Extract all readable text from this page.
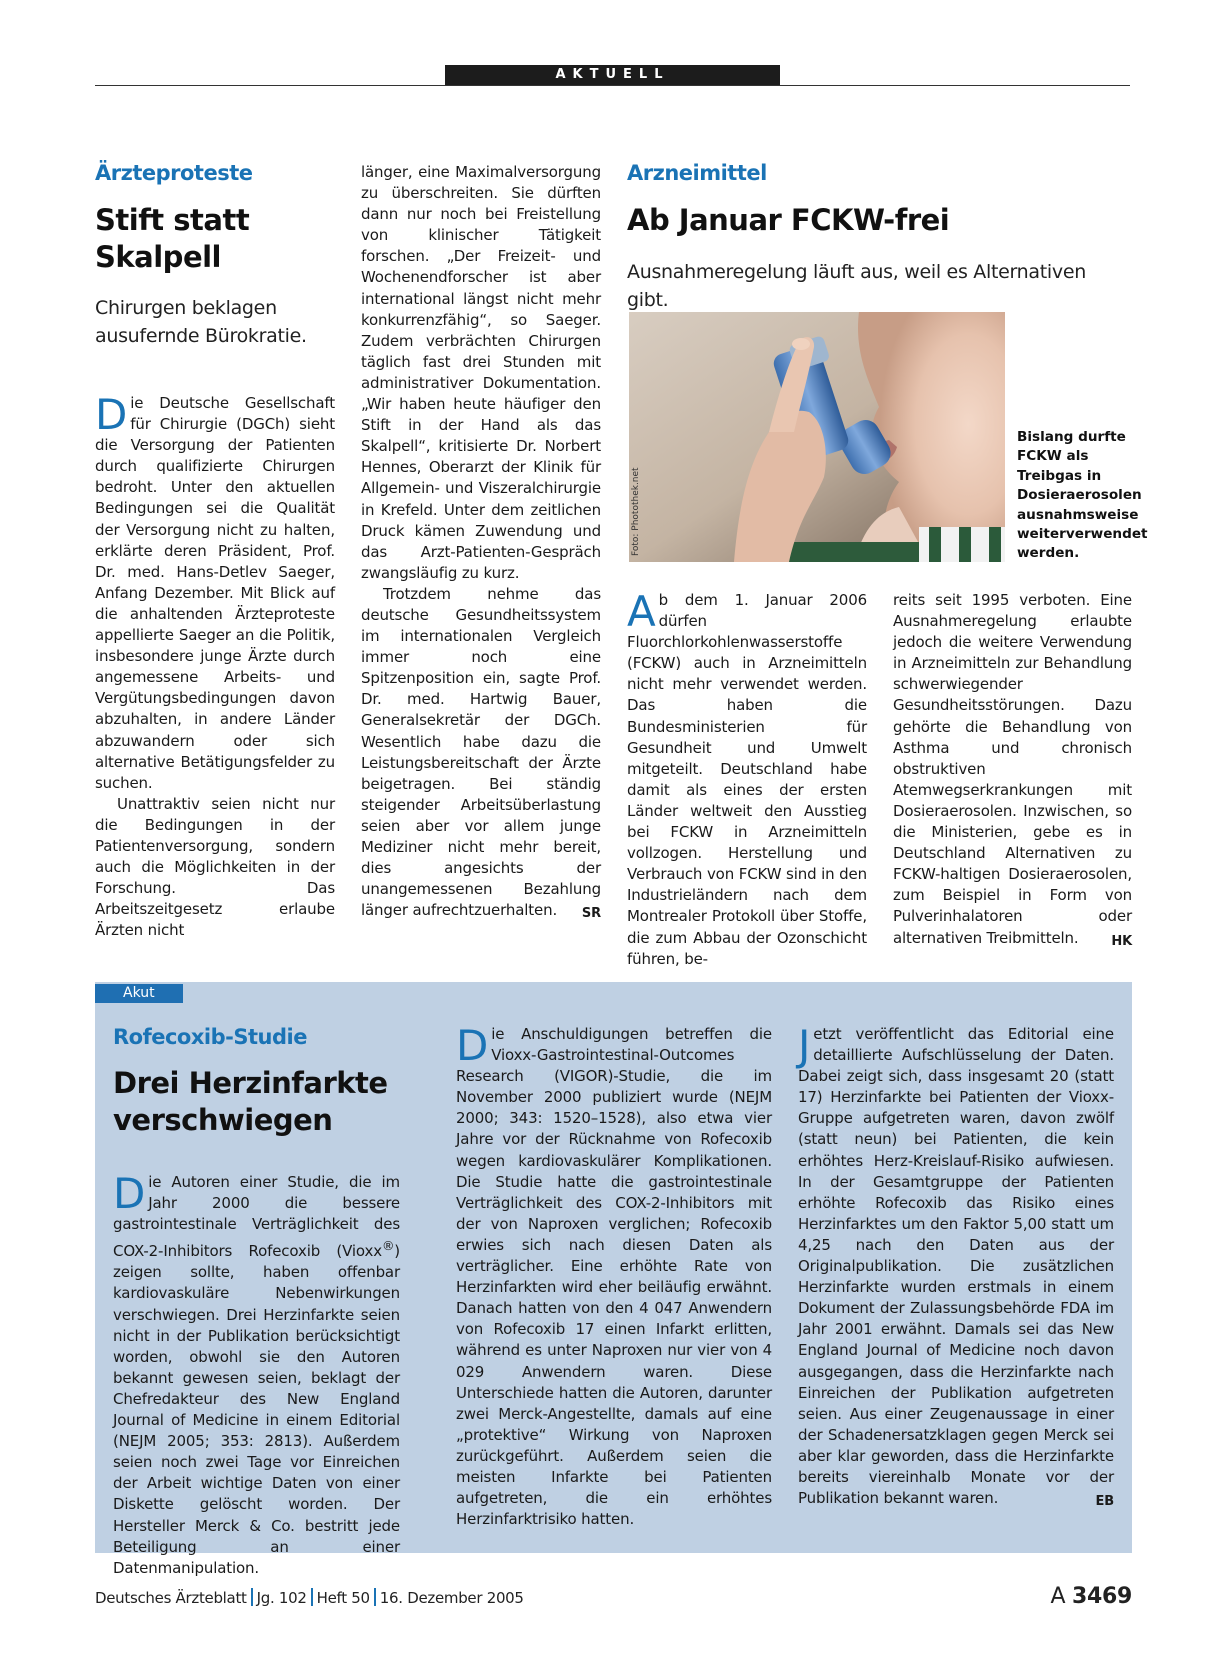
AKTUELL
Ärzteproteste
Stift statt
Skalpell
Chirurgen beklagen
ausufernde Bürokratie.

Die Deutsche Gesellschaft für Chirurgie (DGCh) sieht die Versorgung der Patienten durch qualifizierte Chirurgen bedroht. Unter den aktuellen Bedingungen sei die Qualität der Versorgung nicht zu halten, erklärte deren Präsident, Prof. Dr. med. Hans-Detlev Saeger, Anfang Dezember. Mit Blick auf die anhaltenden Ärzteproteste appellierte Saeger an die Politik, insbesondere junge Ärzte durch angemessene Arbeits- und Vergütungsbedingungen davon abzuhalten, in andere Länder abzuwandern oder sich alternative Betätigungsfelder zu suchen.

Unattraktiv seien nicht nur die Bedingungen in der Patientenversorgung, sondern auch die Möglichkeiten in der Forschung. Das Arbeitszeitgesetz erlaube Ärzten nicht

länger, eine Maximalversorgung zu überschreiten. Sie dürften dann nur noch bei Freistellung von klinischer Tätigkeit forschen. „Der Freizeit- und Wochenendforscher ist aber international längst nicht mehr konkurrenzfähig“, so Saeger. Zudem verbrächten Chirurgen täglich fast drei Stunden mit administrativer Dokumentation. „Wir haben heute häufiger den Stift in der Hand als das Skalpell“, kritisierte Dr. Norbert Hennes, Oberarzt der Klinik für Allgemein- und Viszeralchirurgie in Krefeld. Unter dem zeitlichen Druck kämen Zuwendung und das Arzt-Patienten-Gespräch zwangsläufig zu kurz.

Trotzdem nehme das deutsche Gesundheitssystem im internationalen Vergleich immer noch eine Spitzenposition ein, sagte Prof. Dr. med. Hartwig Bauer, Generalsekretär der DGCh. Wesentlich habe dazu die Leistungsbereitschaft der Ärzte beigetragen. Bei ständig steigender Arbeitsüberlastung seien aber vor allem junge Mediziner nicht mehr bereit, dies angesichts der unangemessenen Bezahlung länger aufrechtzuerhalten.	SR

Arzneimittel
Ab Januar FCKW-frei
Ausnahmeregelung läuft aus, weil es Alternativen gibt.
Foto: Photothek.net
Bislang durfte FCKW als Treibgas in Dosieraerosolen ausnahmsweise weiterverwendet werden.

Ab dem 1. Januar 2006 dürfen Fluorchlorkohlenwasserstoffe (FCKW) auch in Arzneimitteln nicht mehr verwendet werden. Das haben die Bundesministerien für Gesundheit und Umwelt mitgeteilt. Deutschland habe damit als eines der ersten Länder weltweit den Ausstieg bei FCKW in Arzneimitteln vollzogen. Herstellung und Verbrauch von FCKW sind in den Industrieländern nach dem Montrealer Protokoll über Stoffe, die zum Abbau der Ozonschicht führen, be-

reits seit 1995 verboten. Eine Ausnahmeregelung erlaubte jedoch die weitere Verwendung in Arzneimitteln zur Behandlung schwerwiegender Gesundheitsstörungen. Dazu gehörte die Behandlung von Asthma und chronisch obstruktiven Atemwegserkrankungen mit Dosieraerosolen. Inzwischen, so die Ministerien, gebe es in Deutschland Alternativen zu FCKW-haltigen Dosieraerosolen, zum Beispiel in Form von Pulverinhalatoren oder alternativen Treibmitteln.	HK

Akut
Rofecoxib-Studie
Drei Herzinfarkte
verschwiegen

Die Autoren einer Studie, die im Jahr 2000 die bessere gastrointestinale Verträglichkeit des COX-2-Inhibitors Rofecoxib (Vioxx®) zeigen sollte, haben offenbar kardiovaskuläre Nebenwirkungen verschwiegen. Drei Herzinfarkte seien nicht in der Publikation berücksichtigt worden, obwohl sie den Autoren bekannt gewesen seien, beklagt der Chefredakteur des New England Journal of Medicine in einem Editorial (NEJM 2005; 353: 2813). Außerdem seien noch zwei Tage vor Einreichen der Arbeit wichtige Daten von einer Diskette gelöscht worden. Der Hersteller Merck & Co. bestritt jede Beteiligung an einer Datenmanipulation.

Die Anschuldigungen betreffen die Vioxx-Gastrointestinal-Outcomes Research (VIGOR)-Studie, die im November 2000 publiziert wurde (NEJM 2000; 343: 1520–1528), also etwa vier Jahre vor der Rücknahme von Rofecoxib wegen kardiovaskulärer Komplikationen. Die Studie hatte die gastrointestinale Verträglichkeit des COX-2-Inhibitors mit der von Naproxen verglichen; Rofecoxib erwies sich nach diesen Daten als verträglicher. Eine erhöhte Rate von Herzinfarkten wird eher beiläufig erwähnt. Danach hatten von den 4 047 Anwendern von Rofecoxib 17 einen Infarkt erlitten, während es unter Naproxen nur vier von 4 029 Anwendern waren. Diese Unterschiede hatten die Autoren, darunter zwei Merck-Angestellte, damals auf eine „protektive“ Wirkung von Naproxen zurückgeführt. Außerdem seien die meisten Infarkte bei Patienten aufgetreten, die ein erhöhtes Herzinfarktrisiko hatten.

Jetzt veröffentlicht das Editorial eine detaillierte Aufschlüsselung der Daten. Dabei zeigt sich, dass insgesamt 20 (statt 17) Herzinfarkte bei Patienten der Vioxx-Gruppe aufgetreten waren, davon zwölf (statt neun) bei Patienten, die kein erhöhtes Herz-Kreislauf-Risiko aufwiesen. In der Gesamtgruppe der Patienten erhöhte Rofecoxib das Risiko eines Herzinfarktes um den Faktor 5,00 statt um 4,25 nach den Daten aus der Originalpublikation. Die zusätzlichen Herzinfarkte wurden erstmals in einem Dokument der Zulassungsbehörde FDA im Jahr 2001 erwähnt. Damals sei das New England Journal of Medicine noch davon ausgegangen, dass die Herzinfarkte nach Einreichen der Publikation aufgetreten seien. Aus einer Zeugenaussage in einer der Schadenersatzklagen gegen Merck sei aber klar geworden, dass die Herzinfarkte bereits viereinhalb Monate vor der Publikation bekannt waren.	EB

Deutsches Ärzteblatt Jg. 102 Heft 50 16. Dezember 2005	A 3469
